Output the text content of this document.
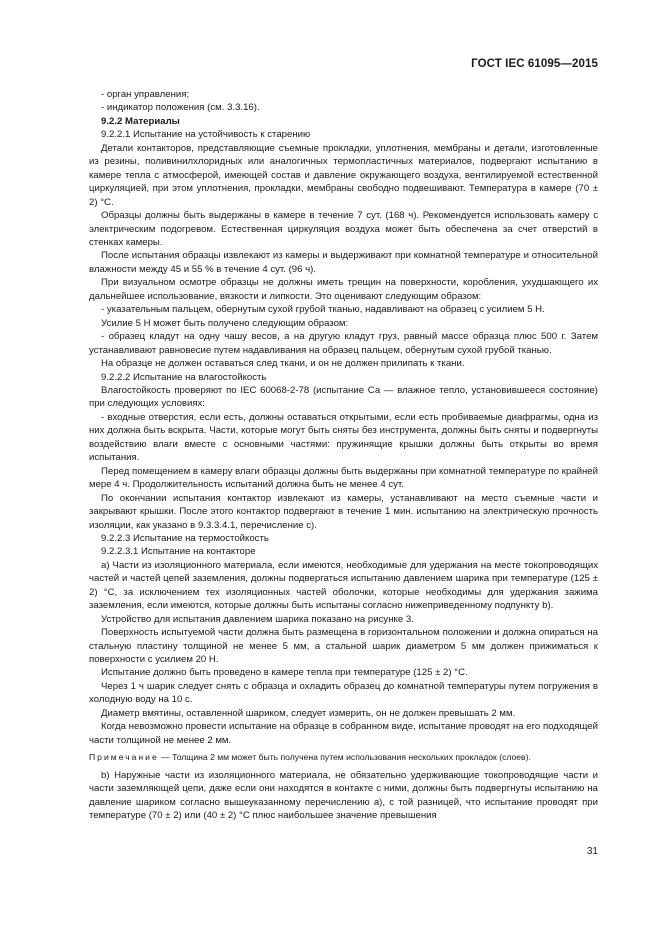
ГОСТ IEC 61095—2015

- орган управления;

- индикатор положения (см. 3.3.16).

9.2.2 Материалы

9.2.2.1 Испытание на устойчивость к старению

Детали контакторов, представляющие съемные прокладки, уплотнения, мембраны и детали, изготовленные из резины, поливинилхлоридных или аналогичных термопластичных материалов, подвергают испытанию в камере тепла с атмосферой, имеющей состав и давление окружающего воздуха, вентилируемой естественной циркуляцией, при этом уплотнения, прокладки, мембраны свободно подвешивают. Температура в камере (70 ± 2) °С.

Образцы должны быть выдержаны в камере в течение 7 сут. (168 ч). Рекомендуется использовать камеру с электрическим подогревом. Естественная циркуляция воздуха может быть обеспечена за счет отверстий в стенках камеры.

После испытания образцы извлекают из камеры и выдерживают при комнатной температуре и относительной влажности между 45 и 55 % в течение 4 сут. (96 ч).

При визуальном осмотре образцы не должны иметь трещин на поверхности, коробления, ухудшающего их дальнейшее использование, вязкости и липкости. Это оценивают следующим образом:

- указательным пальцем, обернутым сухой грубой тканью, надавливают на образец с усилием 5 Н.

Усилие 5 Н может быть получено следующим образом:

- образец кладут на одну чашу весов, а на другую кладут груз, равный массе образца плюс 500 г. Затем устанавливают равновесие путем надавливания на образец пальцем, обернутым сухой грубой тканью.

На образце не должен оставаться след ткани, и он не должен прилипать к ткани.

9.2.2.2 Испытание на влагостойкость

Влагостойкость проверяют по IEC 60068-2-78 (испытание Са — влажное тепло, установившееся состояние) при следующих условиях:

- входные отверстия, если есть, должны оставаться открытыми, если есть пробиваемые диафрагмы, одна из них должна быть вскрыта. Части, которые могут быть сняты без инструмента, должны быть сняты и подвергнуты воздействию влаги вместе с основными частями: пружинящие крышки должны быть открыты во время испытания.

Перед помещением в камеру влаги образцы должны быть выдержаны при комнатной температуре по крайней мере 4 ч. Продолжительность испытаний должна быть не менее 4 сут.

По окончании испытания контактор извлекают из камеры, устанавливают на место съемные части и закрывают крышки. После этого контактор подвергают в течение 1 мин. испытанию на электрическую прочность изоляции, как указано в 9.3.3.4.1, перечисление с).

9.2.2.3 Испытание на термостойкость

9.2.2.3.1 Испытание на контакторе

а) Части из изоляционного материала, если имеются, необходимые для удержания на месте токопроводящих частей и частей цепей заземления, должны подвергаться испытанию давлением шарика при температуре (125 ± 2) °С, за исключением тех изоляционных частей оболочки, которые необходимы для удержания зажима заземления, если имеются, которые должны быть испытаны согласно нижеприведенному подпункту b).

Устройство для испытания давлением шарика показано на рисунке 3.

Поверхность испытуемой части должна быть размещена в горизонтальном положении и должна опираться на стальную пластину толщиной не менее 5 мм, а стальной шарик диаметром 5 мм должен прижиматься к поверхности с усилием 20 Н.

Испытание должно быть проведено в камере тепла при температуре (125 ± 2) °С.

Через 1 ч шарик следует снять с образца и охладить образец до комнатной температуры путем погружения в холодную воду на 10 с.

Диаметр вмятины, оставленной шариком, следует измерить, он не должен превышать 2 мм.

Когда невозможно провести испытание на образце в собранном виде, испытание проводят на его подходящей части толщиной не менее 2 мм.

Примечание — Толщина 2 мм может быть получена путем использования нескольких прокладок (слоев).

b) Наружные части из изоляционного материала, не обязательно удерживающие токопроводящие части и части заземляющей цепи, даже если они находятся в контакте с ними, должны быть подвергнуты испытанию на давление шариком согласно вышеуказанному перечислению а), с той разницей, что испытание проводят при температуре (70 ± 2) или (40 ± 2) °С плюс наибольшее значение превышения

31
